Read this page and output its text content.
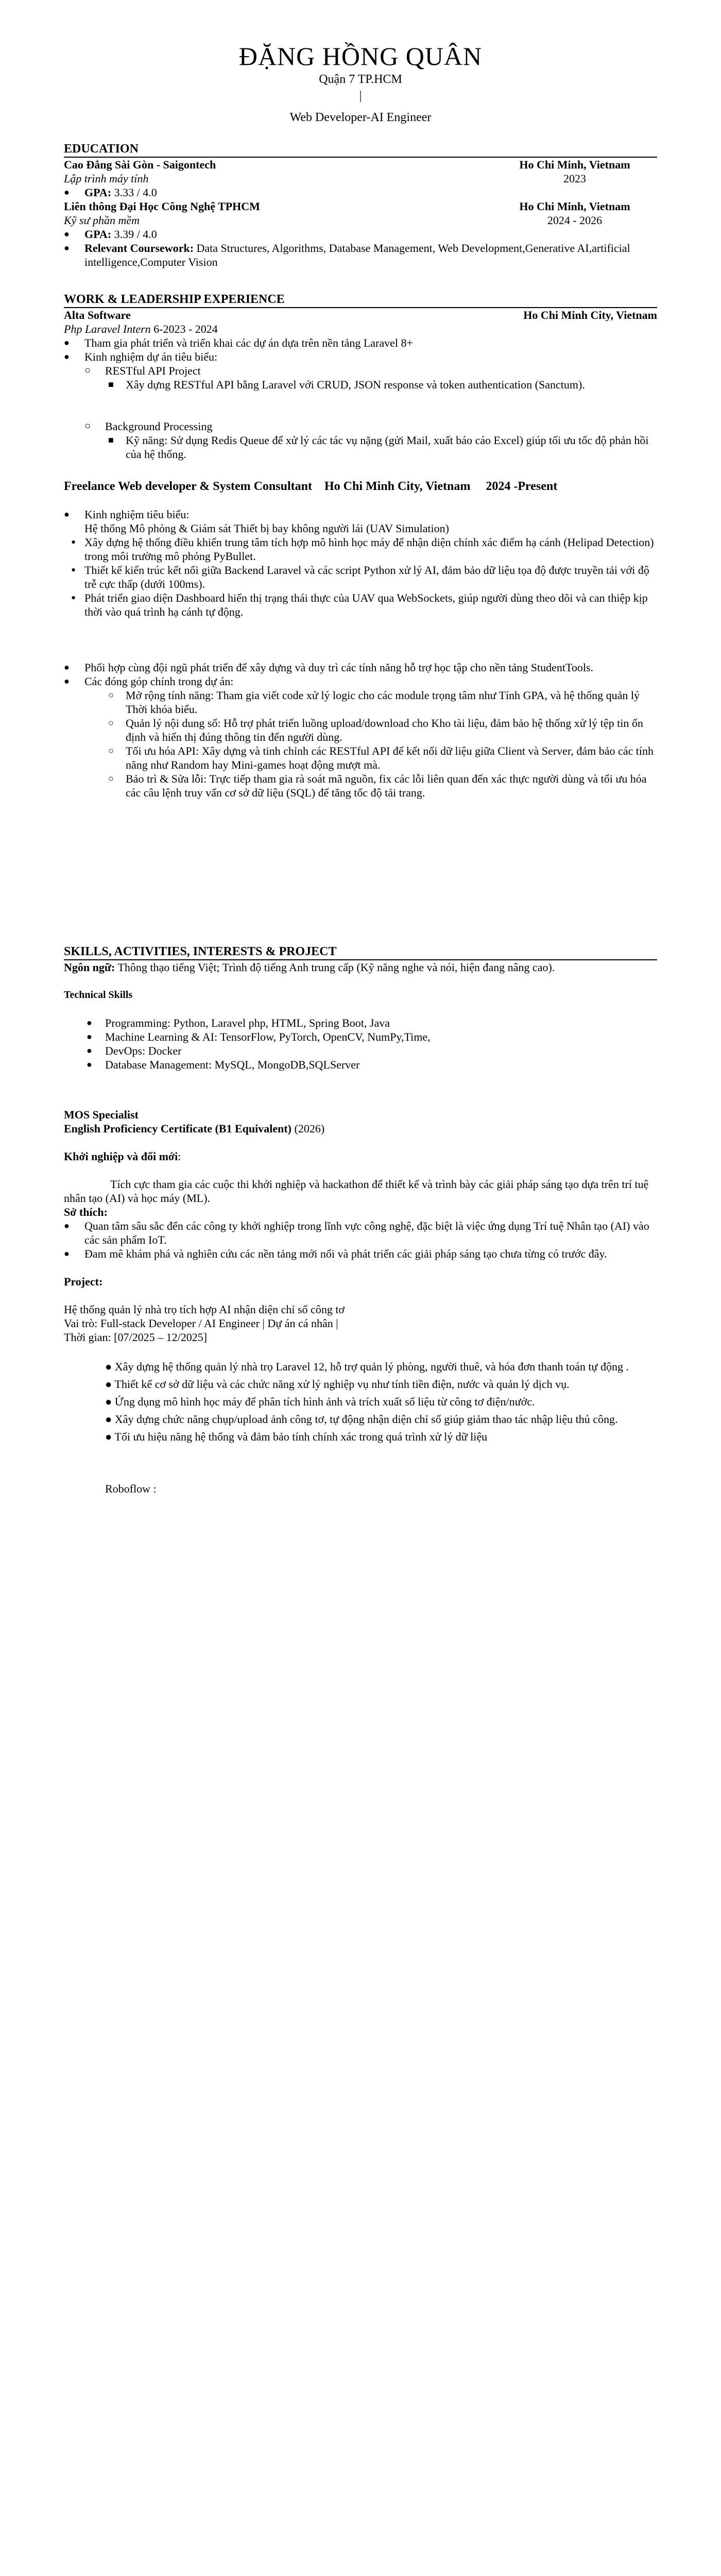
ĐẶNG HỒNG QUÂN
Quận 7 TP.HCM
|
Web Developer-AI Engineer
EDUCATION
Cao Đẳng Sài Gòn - Saigontech	Ho Chi Minh, Vietnam
Lập trình máy tính	2023
● GPA: 3.33 / 4.0
Liên thông Đại Học Công Nghệ TPHCM	Ho Chi Minh, Vietnam
Kỹ sư phần mềm	2024 - 2026
● GPA: 3.39 / 4.0
● Relevant Coursework: Data Structures, Algorithms, Database Management, Web Development,Generative AI,artificial intelligence,Computer Vision
WORK & LEADERSHIP EXPERIENCE
Alta Software	Ho Chi Minh City, Vietnam
Php Laravel Intern 6-2023 - 2024
● Tham gia phát triển và triển khai các dự án dựa trên nền tảng Laravel 8+
● Kinh nghiệm dự án tiêu biểu:
○ RESTful API Project
■ Xây dựng RESTful API bằng Laravel với CRUD, JSON response và token authentication (Sanctum).
○ Background Processing
■ Kỹ năng: Sử dụng Redis Queue để xử lý các tác vụ nặng (gửi Mail, xuất báo cáo Excel) giúp tối ưu tốc độ phản hồi của hệ thống.
Freelance Web developer & System Consultant Ho Chi Minh City, Vietnam 2024 -Present
● Kinh nghiệm tiêu biểu:
Hệ thống Mô phỏng & Giám sát Thiết bị bay không người lái (UAV Simulation)
• Xây dựng hệ thống điều khiển trung tâm tích hợp mô hình học máy để nhận diện chính xác điểm hạ cánh (Helipad Detection) trong môi trường mô phỏng PyBullet.
• Thiết kế kiến trúc kết nối giữa Backend Laravel và các script Python xử lý AI, đảm bảo dữ liệu tọa độ được truyền tải với độ trễ cực thấp (dưới 100ms).
• Phát triển giao diện Dashboard hiển thị trạng thái thực của UAV qua WebSockets, giúp người dùng theo dõi và can thiệp kịp thời vào quá trình hạ cánh tự động.
● Phối hợp cùng đội ngũ phát triển để xây dựng và duy trì các tính năng hỗ trợ học tập cho nền tảng StudentTools.
● Các đóng góp chính trong dự án:
○ Mở rộng tính năng: Tham gia viết code xử lý logic cho các module trọng tâm như Tính GPA, và hệ thống quản lý Thời khóa biểu.
○ Quản lý nội dung số: Hỗ trợ phát triển luồng upload/download cho Kho tài liệu, đảm bảo hệ thống xử lý tệp tin ổn định và hiển thị đúng thông tin đến người dùng.
○ Tối ưu hóa API: Xây dựng và tinh chỉnh các RESTful API để kết nối dữ liệu giữa Client và Server, đảm bảo các tính năng như Random hay Mini-games hoạt động mượt mà.
○ Bảo trì & Sửa lỗi: Trực tiếp tham gia rà soát mã nguồn, fix các lỗi liên quan đến xác thực người dùng và tối ưu hóa các câu lệnh truy vấn cơ sở dữ liệu (SQL) để tăng tốc độ tải trang.
SKILLS, ACTIVITIES, INTERESTS & PROJECT
Ngôn ngữ: Thông thạo tiếng Việt; Trình độ tiếng Anh trung cấp (Kỹ năng nghe và nói, hiện đang nâng cao).
Technical Skills
● Programming: Python, Laravel php, HTML, Spring Boot, Java
● Machine Learning & AI: TensorFlow, PyTorch, OpenCV, NumPy,Time,
● DevOps: Docker
● Database Management: MySQL, MongoDB,SQLServer
MOS Specialist
English Proficiency Certificate (B1 Equivalent) (2026)
Khởi nghiệp và đổi mới:
Tích cực tham gia các cuộc thi khởi nghiệp và hackathon để thiết kế và trình bày các giải pháp sáng tạo dựa trên trí tuệ nhân tạo (AI) và học máy (ML).
Sở thích:
● Quan tâm sâu sắc đến các công ty khởi nghiệp trong lĩnh vực công nghệ, đặc biệt là việc ứng dụng Trí tuệ Nhân tạo (AI) vào các sản phẩm IoT.
● Đam mê khám phá và nghiên cứu các nền tảng mới nổi và phát triển các giải pháp sáng tạo chưa từng có trước đây.
Project:
Hệ thống quản lý nhà trọ tích hợp AI nhận diện chỉ số công tơ
Vai trò: Full-stack Developer / AI Engineer | Dự án cá nhân |
Thời gian: [07/2025 – 12/2025]
● ● Xây dựng hệ thống quản lý nhà trọ Laravel 12, hỗ trợ quản lý phòng, người thuê, và hóa đơn thanh toán tự động .
● ● Thiết kế cơ sở dữ liệu và các chức năng xử lý nghiệp vụ như tính tiền điện, nước và quản lý dịch vụ.
● ● Ứng dụng mô hình học máy để phân tích hình ảnh và trích xuất số liệu từ công tơ điện/nước.
● ● Xây dựng chức năng chụp/upload ảnh công tơ, tự động nhận diện chỉ số giúp giảm thao tác nhập liệu thủ công.
● ● Tối ưu hiệu năng hệ thống và đảm bảo tính chính xác trong quá trình xử lý dữ liệu
Roboflow :
